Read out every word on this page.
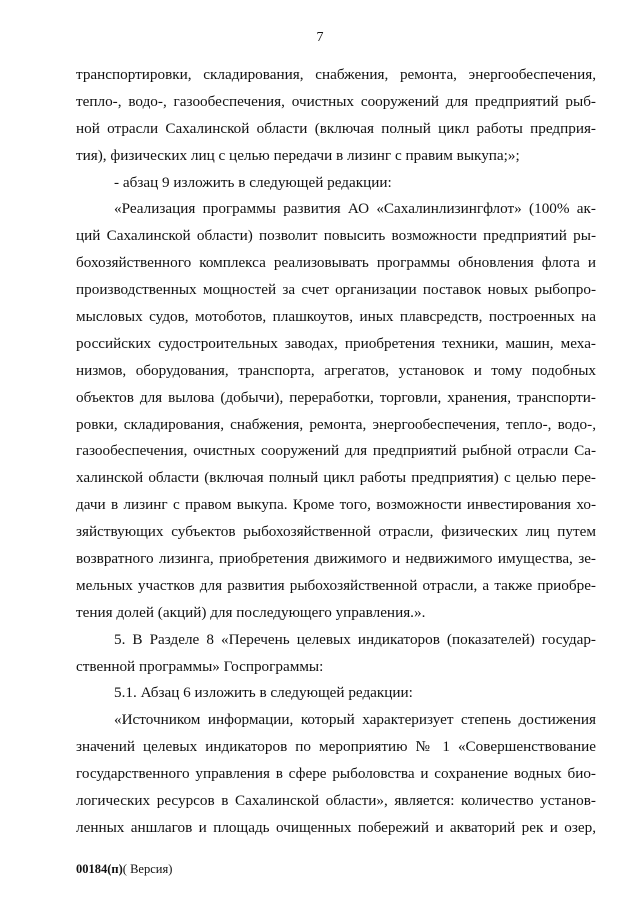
7
транспортировки, складирования, снабжения, ремонта, энергообеспечения,
тепло-, водо-, газообеспечения, очистных сооружений для предприятий рыб-
ной отрасли Сахалинской области (включая полный цикл работы предприя-
тия), физических лиц с целью передачи в лизинг с правим выкупа;»;
- абзац 9 изложить в следующей редакции:
«Реализация программы развития АО «Сахалинлизингфлот» (100% ак-
ций Сахалинской области) позволит повысить возможности предприятий ры-
бохозяйственного комплекса реализовывать программы обновления флота и
производственных мощностей за счет организации поставок новых рыбопро-
мысловых судов, мотоботов, плашкоутов, иных плавсредств, построенных на
российских судостроительных заводах, приобретения техники, машин, меха-
низмов, оборудования, транспорта, агрегатов, установок и тому подобных
объектов для вылова (добычи), переработки, торговли, хранения, транспорти-
ровки, складирования, снабжения, ремонта, энергообеспечения, тепло-, водо-,
газообеспечения, очистных сооружений для предприятий рыбной отрасли Са-
халинской области (включая полный цикл работы предприятия) с целью пере-
дачи в лизинг с правом выкупа. Кроме того, возможности инвестирования хо-
зяйствующих субъектов рыбохозяйственной отрасли, физических лиц путем
возвратного лизинга, приобретения движимого и недвижимого имущества, зе-
мельных участков для развития рыбохозяйственной отрасли, а также приобре-
тения долей (акций) для последующего управления.».
5. В Разделе 8 «Перечень целевых индикаторов (показателей) государ-
ственной программы» Госпрограммы:
5.1. Абзац 6 изложить в следующей редакции:
«Источником информации, который характеризует степень достижения
значений целевых индикаторов по мероприятию № 1 «Совершенствование
государственного управления в сфере рыболовства и сохранение водных био-
логических ресурсов в Сахалинской области», является: количество установ-
ленных аншлагов и площадь очищенных побережий и акваторий рек и озер,
00184(п)( Версия)
